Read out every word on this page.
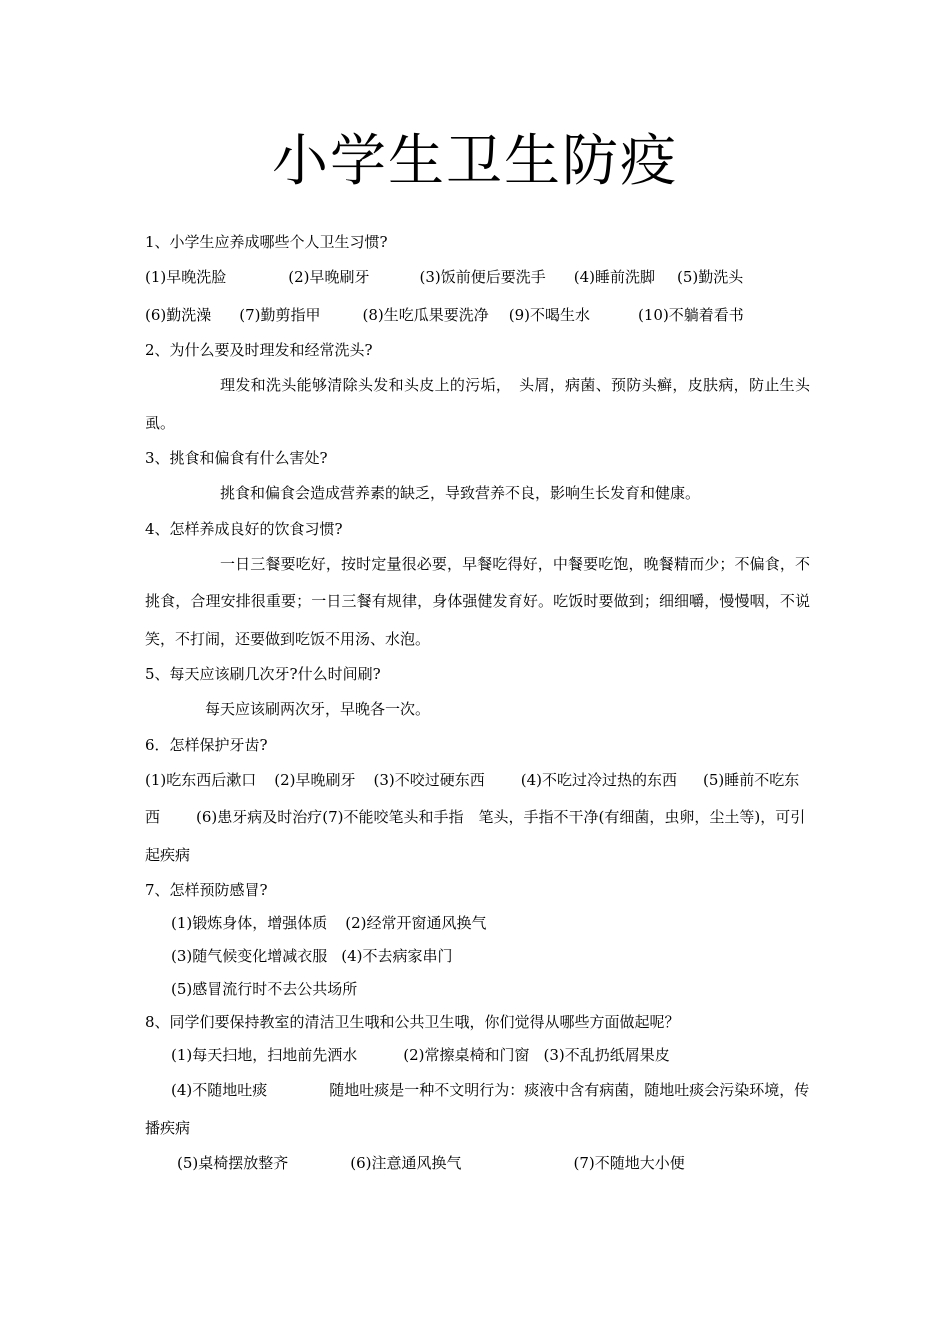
小学生卫生防疫
1、小学生应养成哪些个人卫生习惯?
(1)早晚洗脸	(2)早晚刷牙	(3)饭前便后要洗手 (4)睡前洗脚 (5)勤洗头(6)勤洗澡 (7)勤剪指甲	(8)生吃瓜果要洗净 (9)不喝生水	(10)不躺着看书
2、为什么要及时理发和经常洗头?
理发和洗头能够清除头发和头皮上的污垢，　头屑，病菌、预防头癣，皮肤病，防止生头虱。
3、挑食和偏食有什么害处?
挑食和偏食会造成营养素的缺乏，导致营养不良，影响生长发育和健康。
4、怎样养成良好的饮食习惯?
一日三餐要吃好，按时定量很必要，早餐吃得好，中餐要吃饱，晚餐精而少；不偏食，不挑食，合理安排很重要；一日三餐有规律，身体强健发育好。吃饭时要做到；细细嚼，慢慢咽，不说笑，不打闹，还要做到吃饭不用汤、水泡。
5、每天应该刷几次牙?什么时间刷?
每天应该刷两次牙，早晚各一次。
6．怎样保护牙齿?
(1)吃东西后漱口 (2)早晚刷牙 (3)不咬过硬东西 (4)不吃过冷过热的东西 (5)睡前不吃东西 (6)患牙病及时治疗(7)不能咬笔头和手指　笔头，手指不干净(有细菌，虫卵，尘土等)，可引起疾病
7、怎样预防感冒?
(1)锻炼身体，增强体质 (2)经常开窗通风换气
(3)随气候变化增减衣服 (4)不去病家串门
(5)感冒流行时不去公共场所
8、同学们要保持教室的清洁卫生哦和公共卫生哦，你们觉得从哪些方面做起呢？
(1)每天扫地，扫地前先洒水	(2)常擦桌椅和门窗 (3)不乱扔纸屑果皮
(4)不随地吐痰	随地吐痰是一种不文明行为：痰液中含有病菌，随地吐痰会污染环境，传播疾病
(5)桌椅摆放整齐	(6)注意通风换气	(7)不随地大小便
